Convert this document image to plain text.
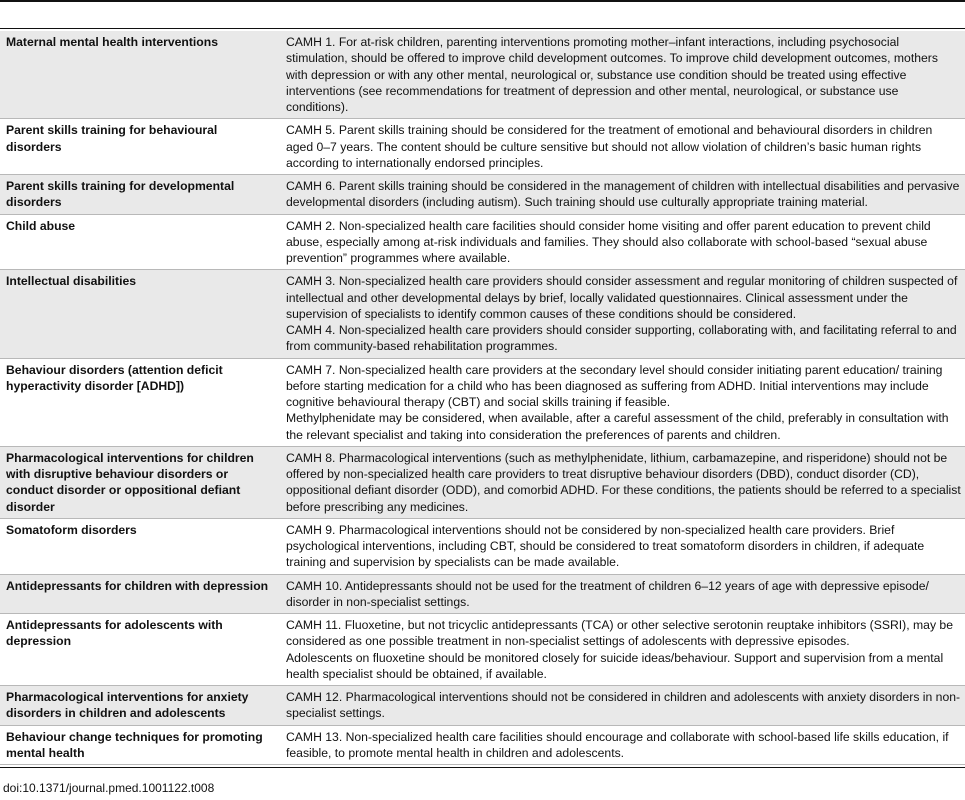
Maternal mental health interventions	CAMH 1. For at-risk children, parenting interventions promoting mother–infant interactions, including psychosocial stimulation, should be offered to improve child development outcomes. To improve child development outcomes, mothers with depression or with any other mental, neurological or, substance use condition should be treated using effective interventions (see recommendations for treatment of depression and other mental, neurological, or substance use conditions).

Parent skills training for behavioural disorders	CAMH 5. Parent skills training should be considered for the treatment of emotional and behavioural disorders in children aged 0–7 years. The content should be culture sensitive but should not allow violation of children’s basic human rights according to internationally endorsed principles.

Parent skills training for developmental disorders	CAMH 6. Parent skills training should be considered in the management of children with intellectual disabilities and pervasive developmental disorders (including autism). Such training should use culturally appropriate training material.

Child abuse	CAMH 2. Non-specialized health care facilities should consider home visiting and offer parent education to prevent child abuse, especially among at-risk individuals and families. They should also collaborate with school-based “sexual abuse prevention” programmes where available.

Intellectual disabilities	CAMH 3. Non-specialized health care providers should consider assessment and regular monitoring of children suspected of intellectual and other developmental delays by brief, locally validated questionnaires. Clinical assessment under the supervision of specialists to identify common causes of these conditions should be considered.
CAMH 4. Non-specialized health care providers should consider supporting, collaborating with, and facilitating referral to and from community-based rehabilitation programmes.

Behaviour disorders (attention deficit hyperactivity disorder [ADHD])	CAMH 7. Non-specialized health care providers at the secondary level should consider initiating parent education/ training before starting medication for a child who has been diagnosed as suffering from ADHD. Initial interventions may include cognitive behavioural therapy (CBT) and social skills training if feasible.
Methylphenidate may be considered, when available, after a careful assessment of the child, preferably in consultation with the relevant specialist and taking into consideration the preferences of parents and children.

Pharmacological interventions for children with disruptive behaviour disorders or conduct disorder or oppositional defiant disorder	CAMH 8. Pharmacological interventions (such as methylphenidate, lithium, carbamazepine, and risperidone) should not be offered by non-specialized health care providers to treat disruptive behaviour disorders (DBD), conduct disorder (CD), oppositional defiant disorder (ODD), and comorbid ADHD. For these conditions, the patients should be referred to a specialist before prescribing any medicines.

Somatoform disorders	CAMH 9. Pharmacological interventions should not be considered by non-specialized health care providers. Brief psychological interventions, including CBT, should be considered to treat somatoform disorders in children, if adequate training and supervision by specialists can be made available.

Antidepressants for children with depression	CAMH 10. Antidepressants should not be used for the treatment of children 6–12 years of age with depressive episode/ disorder in non-specialist settings.

Antidepressants for adolescents with depression	CAMH 11. Fluoxetine, but not tricyclic antidepressants (TCA) or other selective serotonin reuptake inhibitors (SSRI), may be considered as one possible treatment in non-specialist settings of adolescents with depressive episodes.
Adolescents on fluoxetine should be monitored closely for suicide ideas/behaviour. Support and supervision from a mental health specialist should be obtained, if available.

Pharmacological interventions for anxiety disorders in children and adolescents	CAMH 12. Pharmacological interventions should not be considered in children and adolescents with anxiety disorders in non-specialist settings.

Behaviour change techniques for promoting mental health	CAMH 13. Non-specialized health care facilities should encourage and collaborate with school-based life skills education, if feasible, to promote mental health in children and adolescents.
doi:10.1371/journal.pmed.1001122.t008
